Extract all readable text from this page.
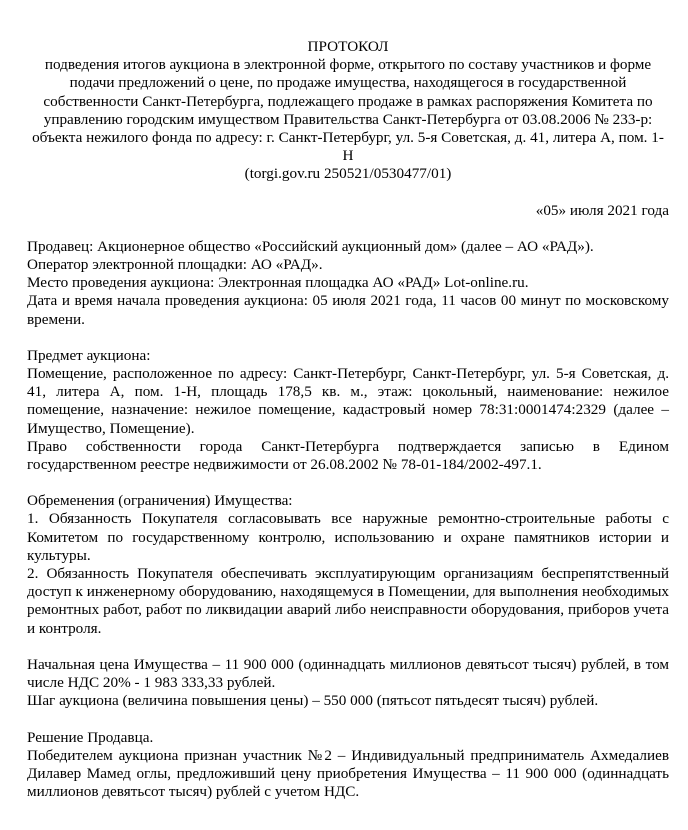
ПРОТОКОЛ

подведения итогов аукциона в электронной форме, открытого по составу участников и форме подачи предложений о цене, по продаже имущества, находящегося в государственной собственности Санкт-Петербурга, подлежащего продаже в рамках распоряжения Комитета по управлению городским имуществом Правительства Санкт-Петербурга от 03.08.2006 № 233-р: объекта нежилого фонда по адресу: г. Санкт-Петербург, ул. 5-я Советская, д. 41, литера А, пом. 1-Н

(torgi.gov.ru 250521/0530477/01)

«05» июля 2021 года

Продавец: Акционерное общество «Российский аукционный дом» (далее – АО «РАД»).

Оператор электронной площадки: АО «РАД».

Место проведения аукциона: Электронная площадка АО «РАД» Lot-online.ru.

Дата и время начала проведения аукциона: 05 июля 2021 года, 11 часов 00 минут по московскому времени.

Предмет аукциона:

Помещение, расположенное по адресу: Санкт-Петербург, Санкт-Петербург, ул. 5-я Советская, д. 41, литера А, пом. 1-Н, площадь 178,5 кв. м., этаж: цокольный, наименование: нежилое помещение, назначение: нежилое помещение, кадастровый номер 78:31:0001474:2329 (далее – Имущество, Помещение).

Право собственности города Санкт-Петербурга подтверждается записью в Едином государственном реестре недвижимости от 26.08.2002 № 78-01-184/2002-497.1.

Обременения (ограничения) Имущества:

1. Обязанность Покупателя согласовывать все наружные ремонтно-строительные работы с Комитетом по государственному контролю, использованию и охране памятников истории и культуры.

2. Обязанность Покупателя обеспечивать эксплуатирующим организациям беспрепятственный доступ к инженерному оборудованию, находящемуся в Помещении, для выполнения необходимых ремонтных работ, работ по ликвидации аварий либо неисправности оборудования, приборов учета и контроля.

Начальная цена Имущества – 11 900 000 (одиннадцать миллионов девятьсот тысяч) рублей, в том числе НДС 20% - 1 983 333,33 рублей.

Шаг аукциона (величина повышения цены) – 550 000 (пятьсот пятьдесят тысяч) рублей.

Решение Продавца.

Победителем аукциона признан участник №2 – Индивидуальный предприниматель Ахмедалиев Дилавер Мамед оглы, предложивший цену приобретения Имущества – 11 900 000 (одиннадцать миллионов девятьсот тысяч) рублей с учетом НДС.
